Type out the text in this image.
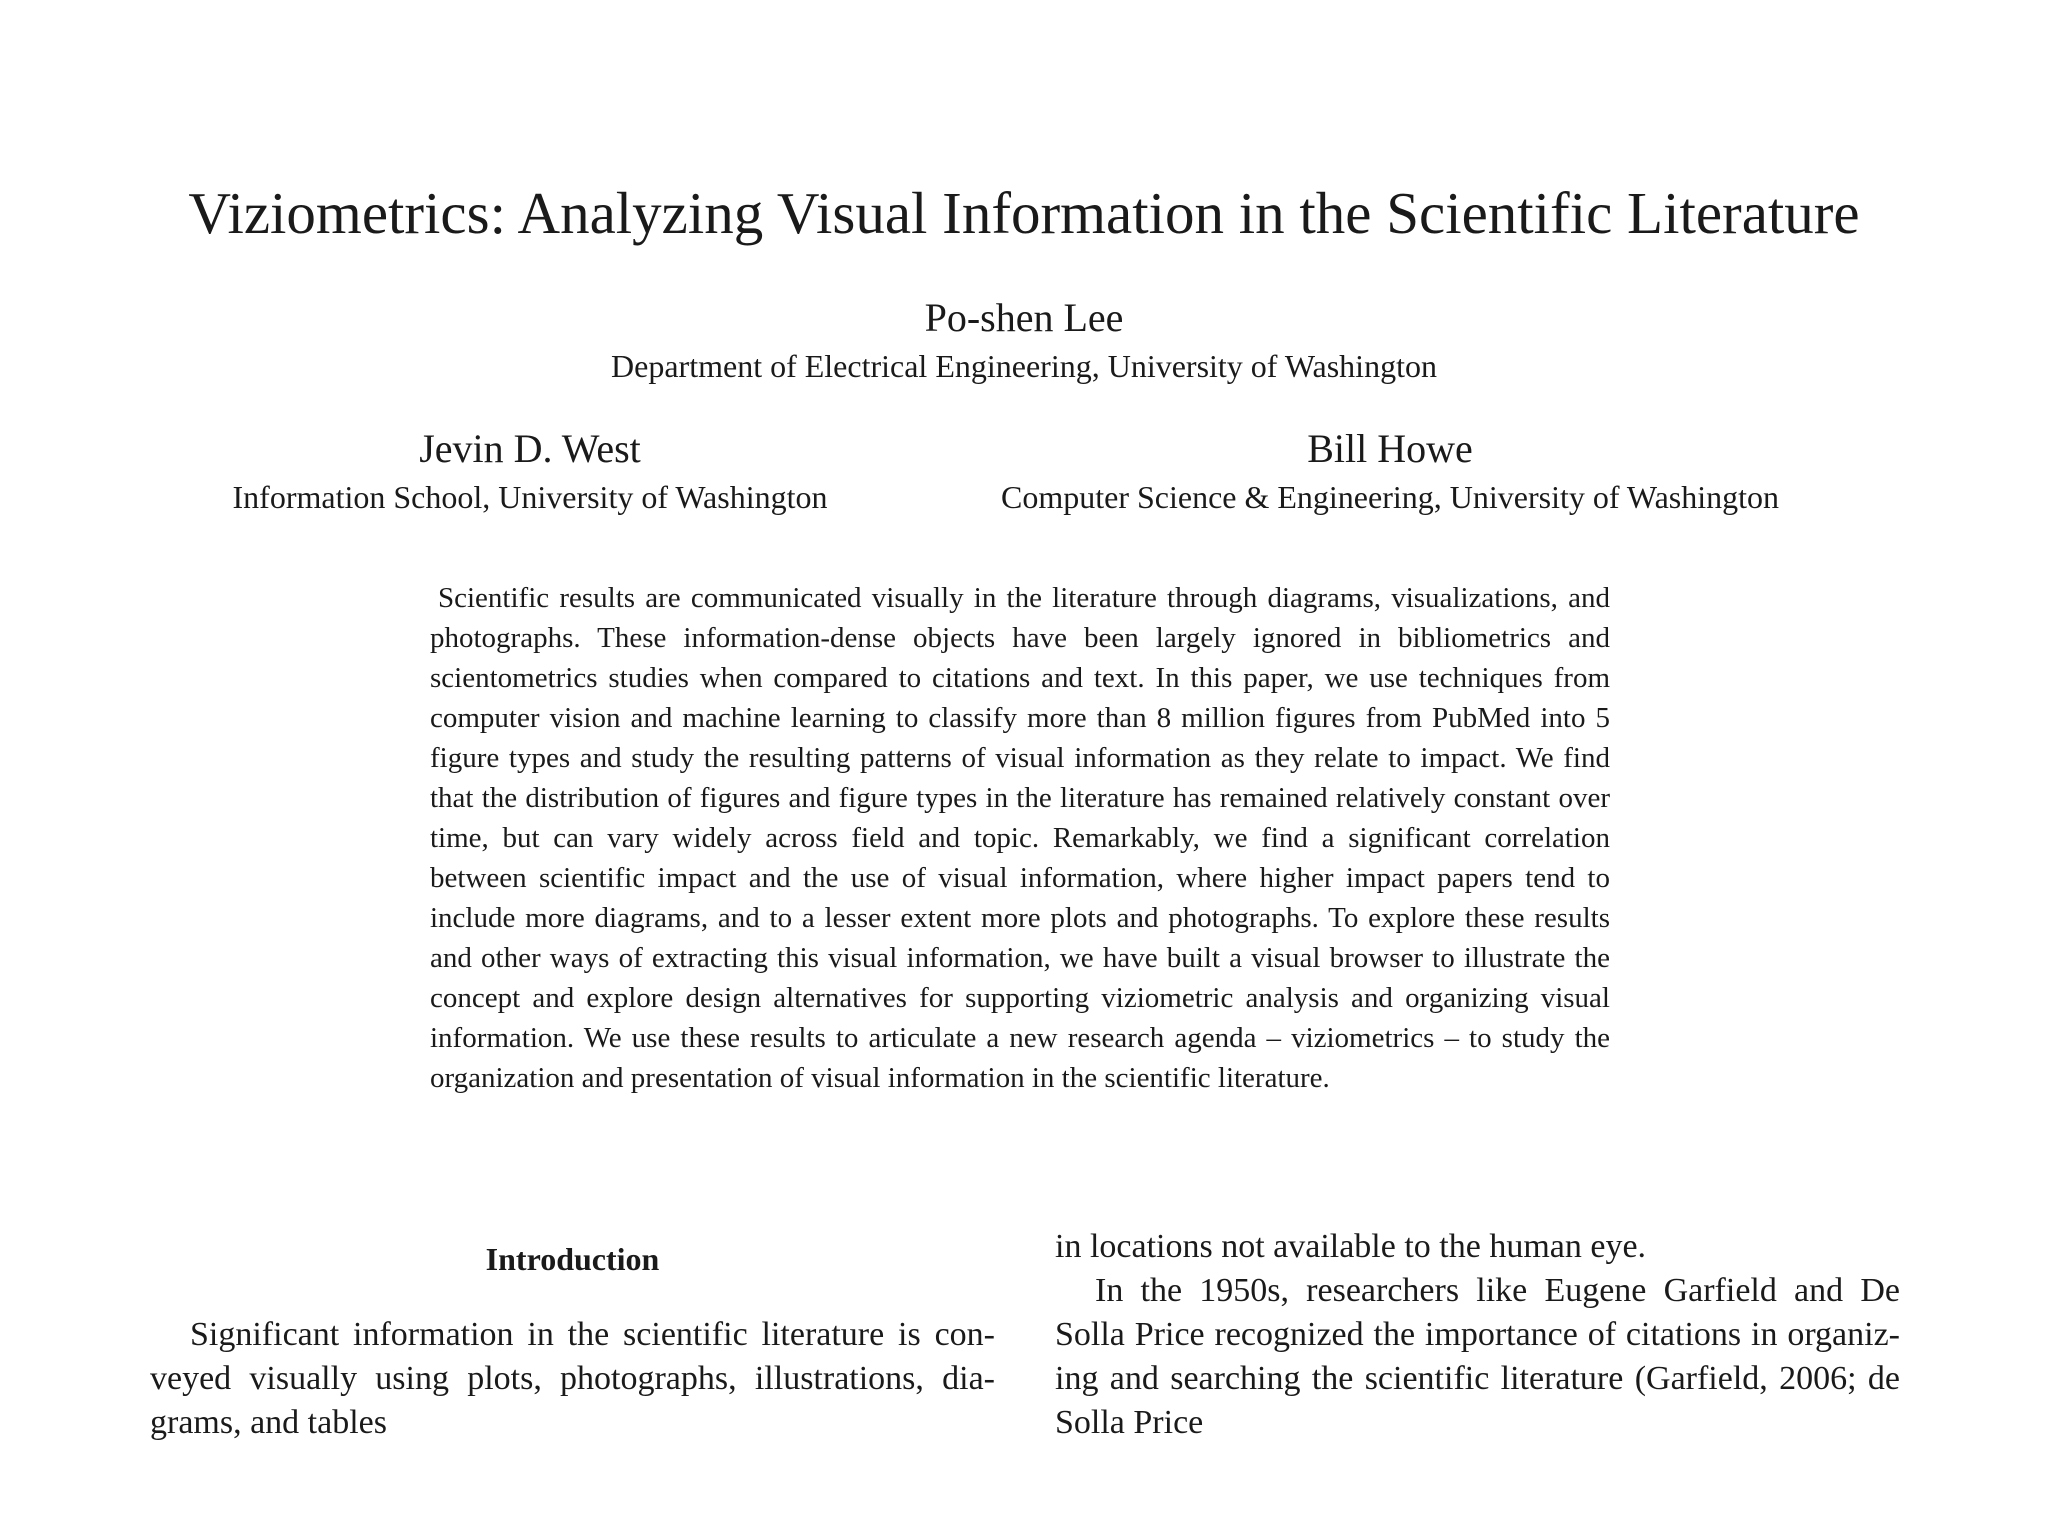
Viziometrics: Analyzing Visual Information in the Scientific Literature
Po-shen Lee
Department of Electrical Engineering, University of Washington
Jevin D. West
Information School, University of Washington
Bill Howe
Computer Science & Engineering, University of Washington

Scientific results are communicated visually in the literature through diagrams, visualizations, and photographs. These information-dense objects have been largely ignored in bibliometrics and scientometrics studies when compared to citations and text. In this paper, we use techniques from computer vision and machine learning to classify more than 8 million figures from PubMed into 5 figure types and study the resulting patterns of visual information as they relate to impact. We find that the distribution of figures and figure types in the literature has remained relatively constant over time, but can vary widely across field and topic. Remarkably, we find a significant correlation between scientific impact and the use of visual information, where higher impact papers tend to include more diagrams, and to a lesser extent more plots and photographs. To explore these results and other ways of extracting this visual information, we have built a visual browser to illustrate the concept and explore design alternatives for supporting viziometric analysis and organizing visual information. We use these results to articulate a new research agenda – viziometrics – to study the organization and presentation of visual information in the scientific literature.

Introduction

Significant information in the scientific literature is conveyed visually using plots, photographs, illustrations, diagrams, and tables

in locations not available to the human eye.

In the 1950s, researchers like Eugene Garfield and De Solla Price recognized the importance of citations in organizing and searching the scientific literature (Garfield, 2006; de Solla Price
